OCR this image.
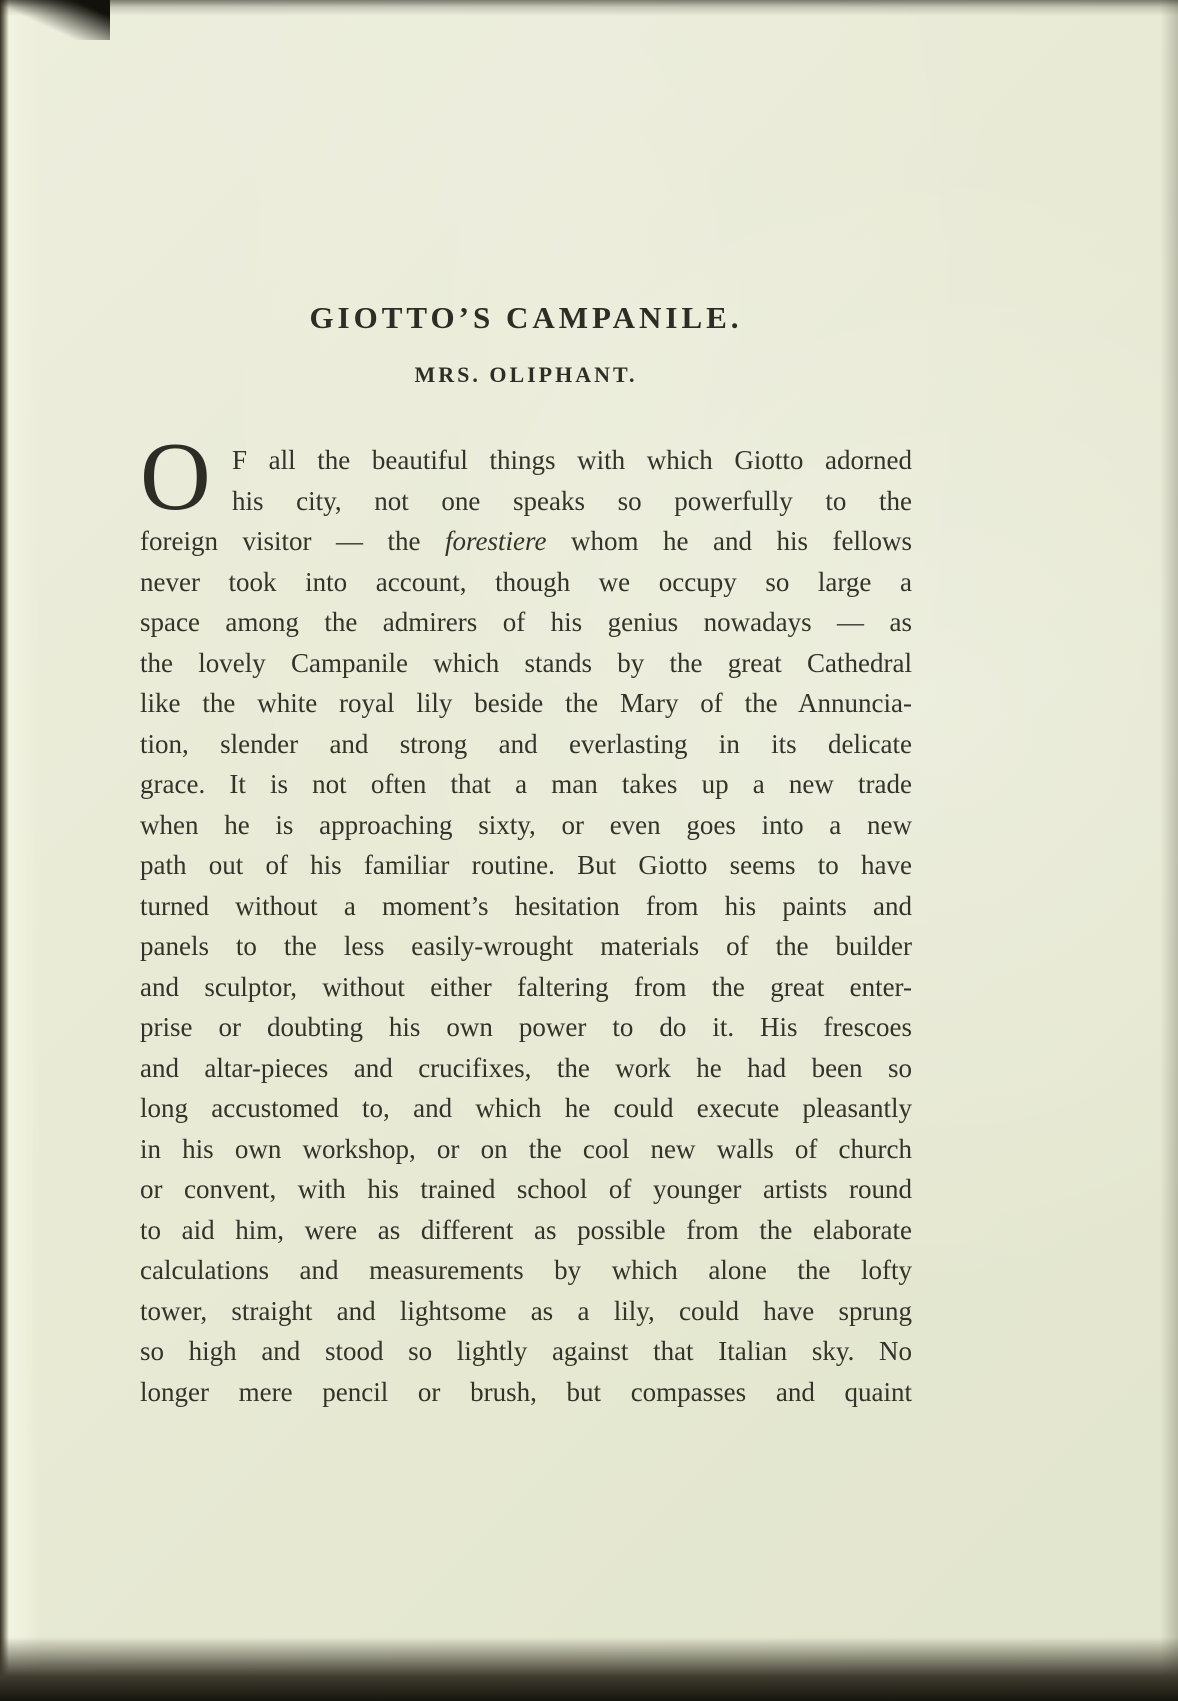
GIOTTO’S CAMPANILE.
MRS. OLIPHANT.
O F all the beautiful things with which Giotto adorned
his city, not one speaks so powerfully to the
foreign visitor — the forestiere whom he and his fellows
never took into account, though we occupy so large a
space among the admirers of his genius nowadays — as
the lovely Campanile which stands by the great Cathedral
like the white royal lily beside the Mary of the Annuncia-
tion, slender and strong and everlasting in its delicate
grace. It is not often that a man takes up a new trade
when he is approaching sixty, or even goes into a new
path out of his familiar routine. But Giotto seems to have
turned without a moment’s hesitation from his paints and
panels to the less easily-wrought materials of the builder
and sculptor, without either faltering from the great enter-
prise or doubting his own power to do it. His frescoes
and altar-pieces and crucifixes, the work he had been so
long accustomed to, and which he could execute pleasantly
in his own workshop, or on the cool new walls of church
or convent, with his trained school of younger artists round
to aid him, were as different as possible from the elaborate
calculations and measurements by which alone the lofty
tower, straight and lightsome as a lily, could have sprung
so high and stood so lightly against that Italian sky. No
longer mere pencil or brush, but compasses and quaint
